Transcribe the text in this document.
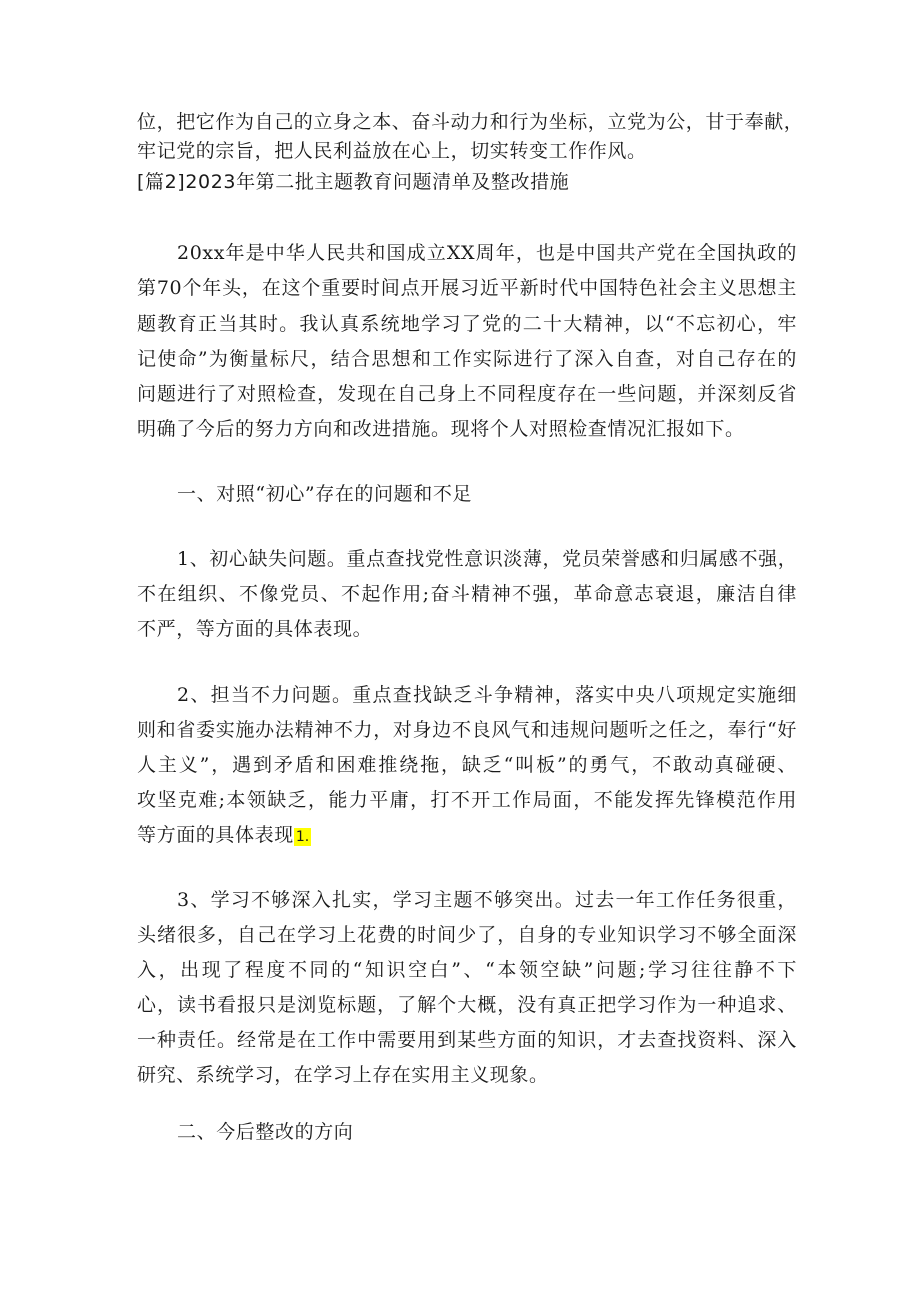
位，把它作为自己的立身之本、奋斗动力和行为坐标，立党为公，甘于奉献，
牢记党的宗旨，把人民利益放在心上，切实转变工作作风。
[篇2]2023年第二批主题教育问题清单及整改措施
20xx年是中华人民共和国成立XX周年，也是中国共产党在全国执政的
第70个年头，在这个重要时间点开展习近平新时代中国特色社会主义思想主
题教育正当其时。我认真系统地学习了党的二十大精神，以“不忘初心，牢
记使命”为衡量标尺，结合思想和工作实际进行了深入自查，对自己存在的
问题进行了对照检查，发现在自己身上不同程度存在一些问题，并深刻反省
明确了今后的努力方向和改进措施。现将个人对照检查情况汇报如下。
一、对照“初心”存在的问题和不足
1、初心缺失问题。重点查找党性意识淡薄，党员荣誉感和归属感不强，
不在组织、不像党员、不起作用;奋斗精神不强，革命意志衰退，廉洁自律
不严，等方面的具体表现。
2、担当不力问题。重点查找缺乏斗争精神，落实中央八项规定实施细
则和省委实施办法精神不力，对身边不良风气和违规问题听之任之，奉行“好
人主义”，遇到矛盾和困难推绕拖，缺乏“叫板”的勇气，不敢动真碰硬、
攻坚克难;本领缺乏，能力平庸，打不开工作局面，不能发挥先锋模范作用
等方面的具体表现 1.
3、学习不够深入扎实，学习主题不够突出。过去一年工作任务很重，
头绪很多，自己在学习上花费的时间少了，自身的专业知识学习不够全面深
入，出现了程度不同的“知识空白”、“本领空缺”问题;学习往往静不下
心，读书看报只是浏览标题，了解个大概，没有真正把学习作为一种追求、
一种责任。经常是在工作中需要用到某些方面的知识，才去查找资料、深入
研究、系统学习，在学习上存在实用主义现象。
二、今后整改的方向
